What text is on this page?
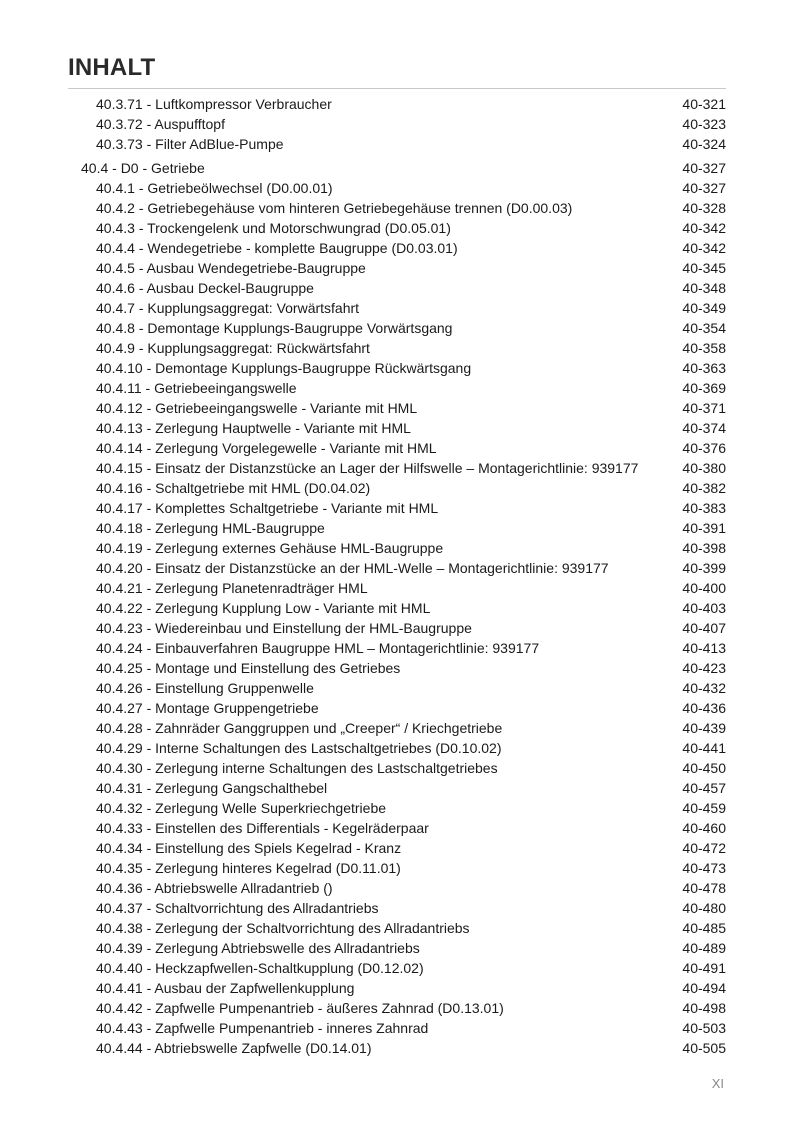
INHALT
40.3.71 - Luftkompressor Verbraucher	40-321
40.3.72 - Auspufftopf	40-323
40.3.73 - Filter AdBlue-Pumpe	40-324
40.4 - D0 - Getriebe	40-327
40.4.1 - Getriebeölwechsel (D0.00.01)	40-327
40.4.2 - Getriebegehäuse vom hinteren Getriebegehäuse trennen (D0.00.03)	40-328
40.4.3 - Trockengelenk und Motorschwungrad (D0.05.01)	40-342
40.4.4 - Wendegetriebe - komplette Baugruppe (D0.03.01)	40-342
40.4.5 - Ausbau Wendegetriebe-Baugruppe	40-345
40.4.6 - Ausbau Deckel-Baugruppe	40-348
40.4.7 - Kupplungsaggregat: Vorwärtsfahrt	40-349
40.4.8 - Demontage Kupplungs-Baugruppe Vorwärtsgang	40-354
40.4.9 - Kupplungsaggregat: Rückwärtsfahrt	40-358
40.4.10 - Demontage Kupplungs-Baugruppe Rückwärtsgang	40-363
40.4.11 - Getriebeeingangswelle	40-369
40.4.12 - Getriebeeingangswelle - Variante mit HML	40-371
40.4.13 - Zerlegung Hauptwelle - Variante mit HML	40-374
40.4.14 - Zerlegung Vorgelegewelle - Variante mit HML	40-376
40.4.15 - Einsatz der Distanzstücke an Lager der Hilfswelle – Montagerichtlinie: 939177	40-380
40.4.16 - Schaltgetriebe mit HML (D0.04.02)	40-382
40.4.17 - Komplettes Schaltgetriebe - Variante mit HML	40-383
40.4.18 - Zerlegung HML-Baugruppe	40-391
40.4.19 - Zerlegung externes Gehäuse HML-Baugruppe	40-398
40.4.20 - Einsatz der Distanzstücke an der HML-Welle – Montagerichtlinie: 939177	40-399
40.4.21 - Zerlegung Planetenradträger HML	40-400
40.4.22 - Zerlegung Kupplung Low - Variante mit HML	40-403
40.4.23 - Wiedereinbau und Einstellung der HML-Baugruppe	40-407
40.4.24 - Einbauverfahren Baugruppe HML – Montagerichtlinie: 939177	40-413
40.4.25 - Montage und Einstellung des Getriebes	40-423
40.4.26 - Einstellung Gruppenwelle	40-432
40.4.27 - Montage Gruppengetriebe	40-436
40.4.28 - Zahnräder Ganggruppen und „Creeper“ / Kriechgetriebe	40-439
40.4.29 - Interne Schaltungen des Lastschaltgetriebes (D0.10.02)	40-441
40.4.30 - Zerlegung interne Schaltungen des Lastschaltgetriebes	40-450
40.4.31 - Zerlegung Gangschalthebel	40-457
40.4.32 - Zerlegung Welle Superkriechgetriebe	40-459
40.4.33 - Einstellen des Differentials - Kegelräderpaar	40-460
40.4.34 - Einstellung des Spiels Kegelrad - Kranz	40-472
40.4.35 - Zerlegung hinteres Kegelrad (D0.11.01)	40-473
40.4.36 - Abtriebswelle Allradantrieb ()	40-478
40.4.37 - Schaltvorrichtung des Allradantriebs	40-480
40.4.38 - Zerlegung der Schaltvorrichtung des Allradantriebs	40-485
40.4.39 - Zerlegung Abtriebswelle des Allradantriebs	40-489
40.4.40 - Heckzapfwellen-Schaltkupplung (D0.12.02)	40-491
40.4.41 - Ausbau der Zapfwellenkupplung	40-494
40.4.42 - Zapfwelle Pumpenantrieb - äußeres Zahnrad (D0.13.01)	40-498
40.4.43 - Zapfwelle Pumpenantrieb - inneres Zahnrad	40-503
40.4.44 - Abtriebswelle Zapfwelle (D0.14.01)	40-505
XI
